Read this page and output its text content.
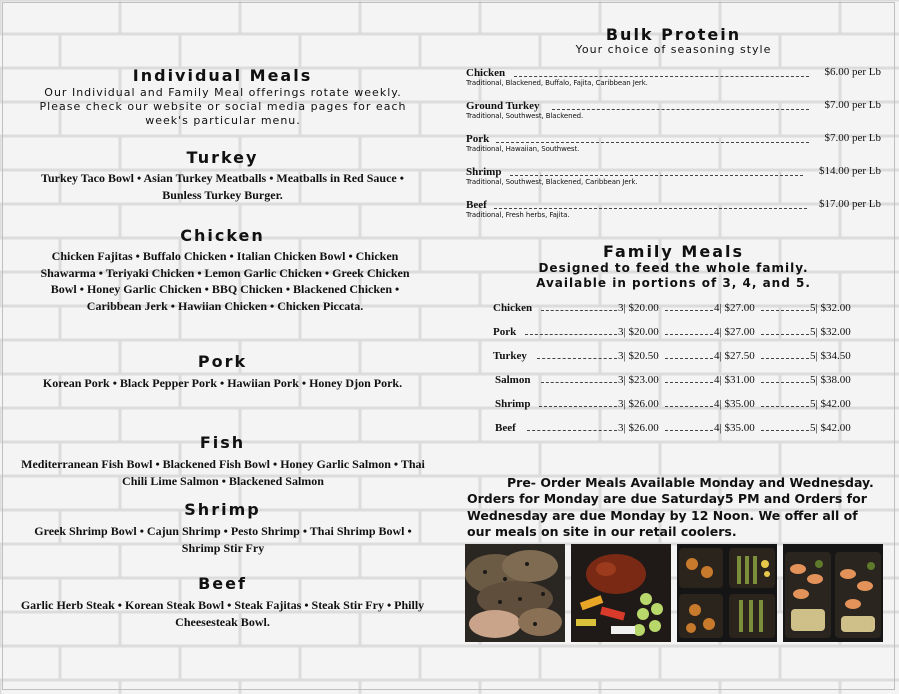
Individual Meals

Our Individual and Family Meal offerings rotate weekly. Please check our website or social media pages for each week's particular menu.

Turkey

Turkey Taco Bowl • Asian Turkey Meatballs • Meatballs in Red Sauce • Bunless Turkey Burger.

Chicken

Chicken Fajitas • Buffalo Chicken • Italian Chicken Bowl • Chicken Shawarma • Teriyaki Chicken • Lemon Garlic Chicken • Greek Chicken Bowl • Honey Garlic Chicken • BBQ Chicken • Blackened Chicken • Caribbean Jerk • Hawiian Chicken • Chicken Piccata.

Pork

Korean Pork • Black Pepper Pork • Hawiian Pork • Honey Djon Pork.

Fish

Mediterranean Fish Bowl • Blackened Fish Bowl • Honey Garlic Salmon • Thai Chili Lime Salmon • Blackened Salmon

Shrimp

Greek Shrimp Bowl • Cajun Shrimp • Pesto Shrimp • Thai Shrimp Bowl • Shrimp Stir Fry

Beef

Garlic Herb Steak • Korean Steak Bowl • Steak Fajitas • Steak Stir Fry • Philly Cheesesteak Bowl.

Bulk Protein

Your choice of seasoning style

Chicken	$6.00 per Lb
Traditional, Blackened, Buffalo, Fajita, Caribbean Jerk.
Ground Turkey	$7.00 per Lb
Traditional, Southwest, Blackened.
Pork	$7.00 per Lb
Traditional, Hawaiian, Southwest.
Shrimp	$14.00 per Lb
Traditional, Southwest, Blackened, Caribbean Jerk.
Beef	$17.00 per Lb
Traditional, Fresh herbs, Fajita.
Family Meals

Designed to feed the whole family.

Available in portions of 3, 4, and 5.

Chicken	3| $20.00	4| $27.00	5| $32.00
Pork	3| $20.00	4| $27.00	5| $32.00
Turkey	3| $20.50	4| $27.50	5| $34.50
Salmon	3| $23.00	4| $31.00	5| $38.00
Shrimp	3| $26.00	4| $35.00	5| $42.00
Beef	3| $26.00	4| $35.00	5| $42.00

Pre- Order Meals Available Monday and Wednesday. Orders for Monday are due Saturday5 PM and Orders for Wednesday are due Monday by 12 Noon. We offer all of our meals on site in our retail coolers.
